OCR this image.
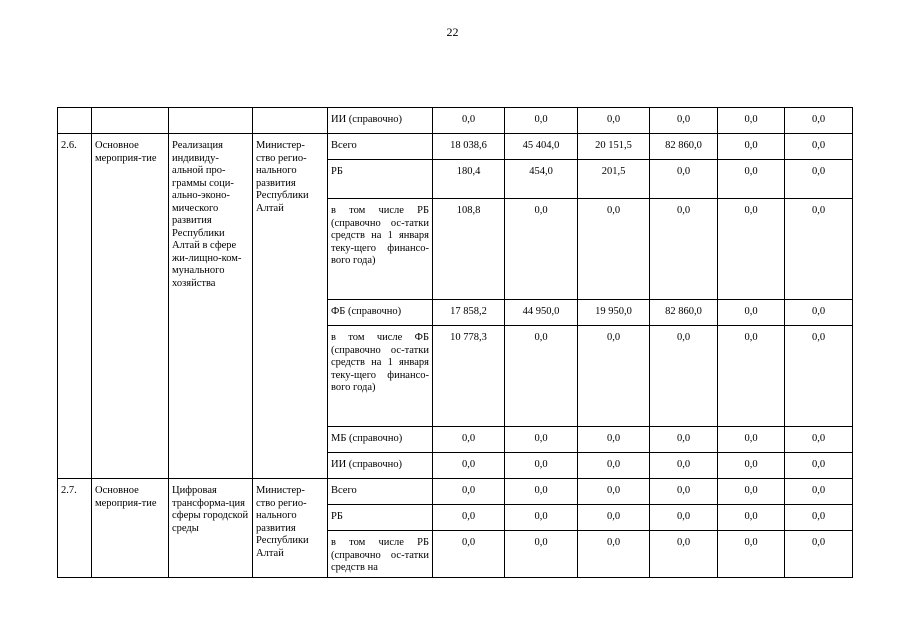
22
				ИИ (справочно)	0,0	0,0	0,0	0,0	0,0	0,0
2.6.	Основное мероприя-тие	Реализация индивиду-альной про-граммы соци-ально-эконо-мического развития Республики Алтай в сфере жи-лищно-ком-мунального хозяйства	Министер-ство регио-нального развития Республики Алтай	Всего	18 038,6	45 404,0	20 151,5	82 860,0	0,0	0,0
				РБ	180,4	454,0	201,5	0,0	0,0	0,0
				в том числе РБ (справочно ос-татки средств на 1 января теку-щего финансо-вого года)	108,8	0,0	0,0	0,0	0,0	0,0
				ФБ (справочно)	17 858,2	44 950,0	19 950,0	82 860,0	0,0	0,0
				в том числе ФБ (справочно ос-татки средств на 1 января теку-щего финансо-вого года)	10 778,3	0,0	0,0	0,0	0,0	0,0
				МБ (справочно)	0,0	0,0	0,0	0,0	0,0	0,0
				ИИ (справочно)	0,0	0,0	0,0	0,0	0,0	0,0
2.7.	Основное мероприя-тие	Цифровая трансформа-ция сферы городской среды	Министер-ство регио-нального развития Республики Алтай	Всего	0,0	0,0	0,0	0,0	0,0	0,0
				РБ	0,0	0,0	0,0	0,0	0,0	0,0
				в том числе РБ (справочно ос-татки средств на	0,0	0,0	0,0	0,0	0,0	0,0
